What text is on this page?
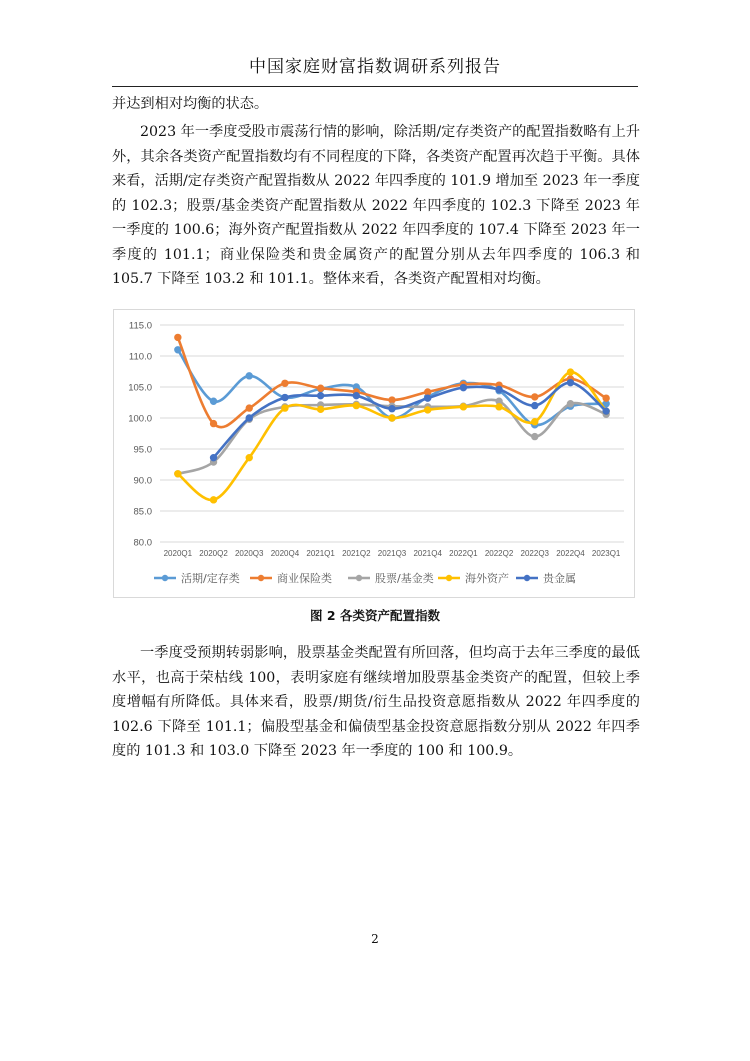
中国家庭财富指数调研系列报告

并达到相对均衡的状态。

2023 年一季度受股市震荡行情的影响，除活期/定存类资产的配置指数略有上升外，其余各类资产配置指数均有不同程度的下降，各类资产配置再次趋于平衡。具体来看，活期/定存类资产配置指数从 2022 年四季度的 101.9 增加至 2023 年一季度的 102.3；股票/基金类资产配置指数从 2022 年四季度的 102.3 下降至 2023 年一季度的 100.6；海外资产配置指数从 2022 年四季度的 107.4 下降至 2023 年一季度的 101.1；商业保险类和贵金属资产的配置分别从去年四季度的 106.3 和 105.7 下降至 103.2 和 101.1。整体来看，各类资产配置相对均衡。

115.0
110.0
105.0
100.0
95.0
90.0
85.0
80.0
2020Q1 2020Q2 2020Q3 2020Q4 2021Q1 2021Q2 2021Q3 2021Q4 2022Q1 2022Q2 2022Q3 2022Q4 2023Q1
活期/定存类	商业保险类	股票/基金类	海外资产	贵金属
图 2 各类资产配置指数

一季度受预期转弱影响，股票基金类配置有所回落，但均高于去年三季度的最低水平，也高于荣枯线 100，表明家庭有继续增加股票基金类资产的配置，但较上季度增幅有所降低。具体来看，股票/期货/衍生品投资意愿指数从 2022 年四季度的 102.6 下降至 101.1；偏股型基金和偏债型基金投资意愿指数分别从 2022 年四季度的 101.3 和 103.0 下降至 2023 年一季度的 100 和 100.9。

2
